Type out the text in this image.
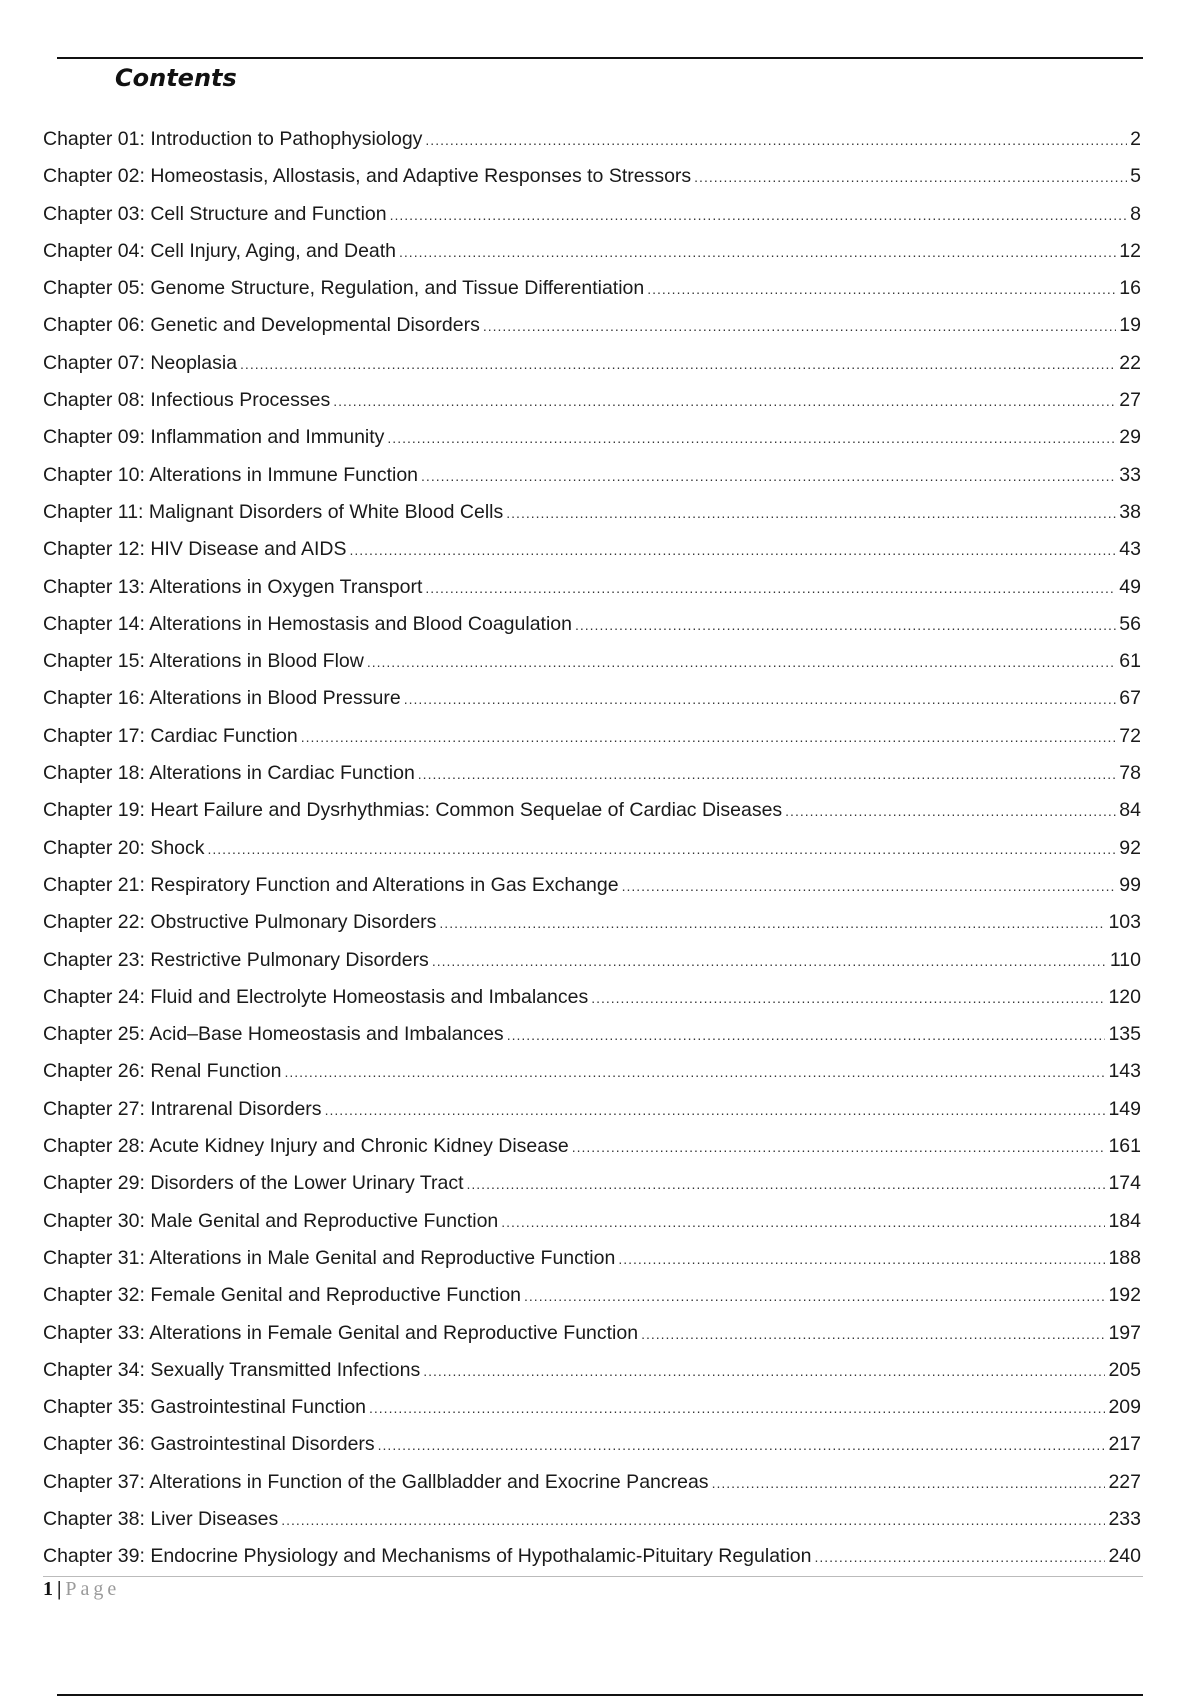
Contents
Chapter 01: Introduction to Pathophysiology .....	2
Chapter 02: Homeostasis, Allostasis, and Adaptive Responses to Stressors .....	5
Chapter 03: Cell Structure and Function .....	8
Chapter 04: Cell Injury, Aging, and Death .....	12
Chapter 05: Genome Structure, Regulation, and Tissue Differentiation .....	16
Chapter 06: Genetic and Developmental Disorders .....	19
Chapter 07: Neoplasia .....	22
Chapter 08: Infectious Processes .....	27
Chapter 09: Inflammation and Immunity .....	29
Chapter 10: Alterations in Immune Function .....	33
Chapter 11: Malignant Disorders of White Blood Cells .....	38
Chapter 12: HIV Disease and AIDS .....	43
Chapter 13: Alterations in Oxygen Transport .....	49
Chapter 14: Alterations in Hemostasis and Blood Coagulation .....	56
Chapter 15: Alterations in Blood Flow .....	61
Chapter 16: Alterations in Blood Pressure .....	67
Chapter 17: Cardiac Function .....	72
Chapter 18: Alterations in Cardiac Function .....	78
Chapter 19: Heart Failure and Dysrhythmias: Common Sequelae of Cardiac Diseases .....	84
Chapter 20: Shock .....	92
Chapter 21: Respiratory Function and Alterations in Gas Exchange .....	99
Chapter 22: Obstructive Pulmonary Disorders .....	103
Chapter 23: Restrictive Pulmonary Disorders .....	110
Chapter 24: Fluid and Electrolyte Homeostasis and Imbalances .....	120
Chapter 25: Acid–Base Homeostasis and Imbalances .....	135
Chapter 26: Renal Function .....	143
Chapter 27: Intrarenal Disorders .....	149
Chapter 28: Acute Kidney Injury and Chronic Kidney Disease .....	161
Chapter 29: Disorders of the Lower Urinary Tract .....	174
Chapter 30: Male Genital and Reproductive Function .....	184
Chapter 31: Alterations in Male Genital and Reproductive Function .....	188
Chapter 32: Female Genital and Reproductive Function .....	192
Chapter 33: Alterations in Female Genital and Reproductive Function .....	197
Chapter 34: Sexually Transmitted Infections .....	205
Chapter 35: Gastrointestinal Function .....	209
Chapter 36: Gastrointestinal Disorders .....	217
Chapter 37: Alterations in Function of the Gallbladder and Exocrine Pancreas .....	227
Chapter 38: Liver Diseases .....	233
Chapter 39: Endocrine Physiology and Mechanisms of Hypothalamic-Pituitary Regulation .....	240
1 | Page
